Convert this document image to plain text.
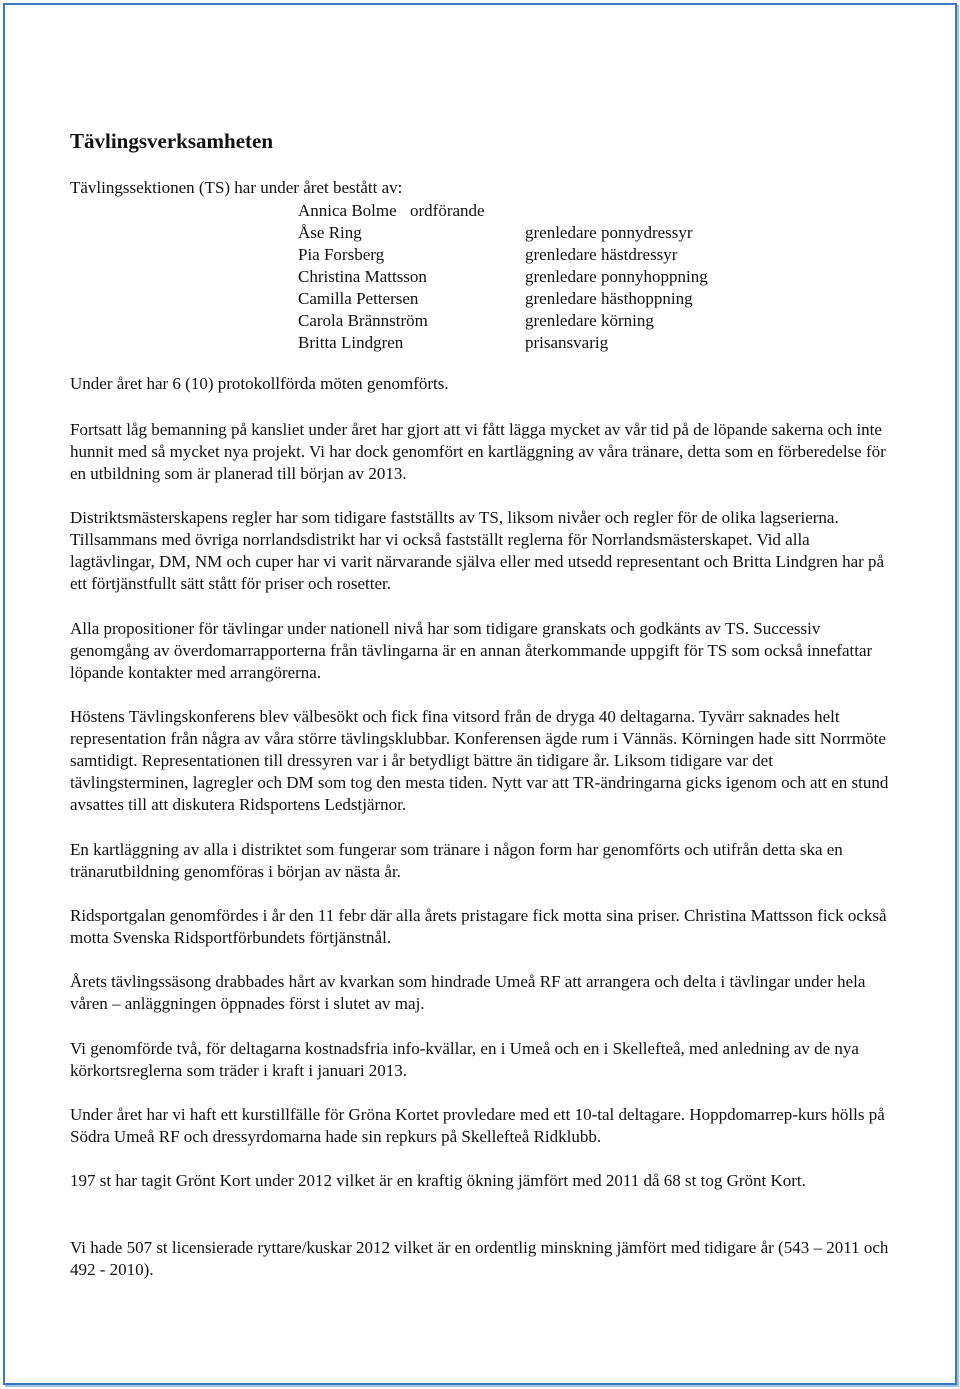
Tävlingsverksamheten

Tävlingssektionen (TS) har under året bestått av:

Annica Bolme ordförande
Åse Ring	grenledare ponnydressyr
Pia Forsberg	grenledare hästdressyr
Christina Mattsson	grenledare ponnyhoppning
Camilla Pettersen	grenledare hästhoppning
Carola Brännström	grenledare körning
Britta Lindgren	prisansvarig

Under året har 6 (10) protokollförda möten genomförts.

Fortsatt låg bemanning på kansliet under året har gjort att vi fått lägga mycket av vår tid på de löpande sakerna och inte hunnit med så mycket nya projekt. Vi har dock genomfört en kartläggning av våra tränare, detta som en förberedelse för en utbildning som är planerad till början av 2013.

Distriktsmästerskapens regler har som tidigare fastställts av TS, liksom nivåer och regler för de olika lagserierna. Tillsammans med övriga norrlandsdistrikt har vi också fastställt reglerna för Norrlandsmästerskapet. Vid alla lagtävlingar, DM, NM och cuper har vi varit närvarande själva eller med utsedd representant och Britta Lindgren har på ett förtjänstfullt sätt stått för priser och rosetter.

Alla propositioner för tävlingar under nationell nivå har som tidigare granskats och godkänts av TS. Successiv genomgång av överdomarrapporterna från tävlingarna är en annan återkommande uppgift för TS som också innefattar löpande kontakter med arrangörerna.

Höstens Tävlingskonferens blev välbesökt och fick fina vitsord från de dryga 40 deltagarna. Tyvärr saknades helt representation från några av våra större tävlingsklubbar. Konferensen ägde rum i Vännäs. Körningen hade sitt Norrmöte samtidigt. Representationen till dressyren var i år betydligt bättre än tidigare år. Liksom tidigare var det tävlingsterminen, lagregler och DM som tog den mesta tiden. Nytt var att TR-ändringarna gicks igenom och att en stund avsattes till att diskutera Ridsportens Ledstjärnor.

En kartläggning av alla i distriktet som fungerar som tränare i någon form har genomförts och utifrån detta ska en tränarutbildning genomföras i början av nästa år.

Ridsportgalan genomfördes i år den 11 febr där alla årets pristagare fick motta sina priser. Christina Mattsson fick också motta Svenska Ridsportförbundets förtjänstnål.

Årets tävlingssäsong drabbades hårt av kvarkan som hindrade Umeå RF att arrangera och delta i tävlingar under hela våren – anläggningen öppnades först i slutet av maj.

Vi genomförde två, för deltagarna kostnadsfria info-kvällar, en i Umeå och en i Skellefteå, med anledning av de nya körkortsreglerna som träder i kraft i januari 2013.

Under året har vi haft ett kurstillfälle för Gröna Kortet provledare med ett 10-tal deltagare. Hoppdomarrep-kurs hölls på Södra Umeå RF och dressyrdomarna hade sin repkurs på Skellefteå Ridklubb.

197 st har tagit Grönt Kort under 2012 vilket är en kraftig ökning jämfört med 2011 då 68 st tog Grönt Kort.

Vi hade 507 st licensierade ryttare/kuskar 2012 vilket är en ordentlig minskning jämfört med tidigare år (543 – 2011 och 492 - 2010).
